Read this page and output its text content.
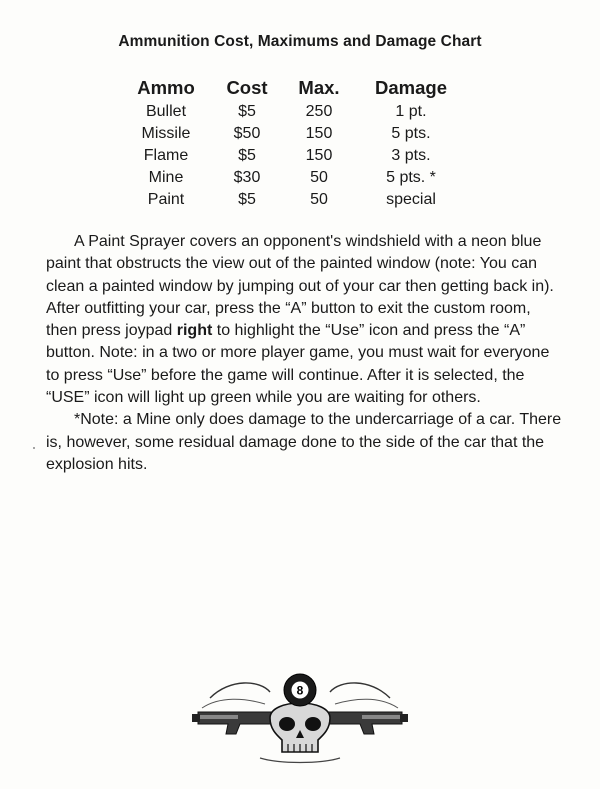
Ammunition Cost, Maximums and Damage Chart
Ammo	Cost	Max.	Damage
Bullet	$5	250	1 pt.
Missile	$50	150	5 pts.
Flame	$5	150	3 pts.
Mine	$30	50	5 pts. *
Paint	$5	50	special

A Paint Sprayer covers an opponent's windshield with a neon blue paint that obstructs the view out of the painted window (note: You can clean a painted window by jumping out of your car then getting back in). After outfitting your car, press the “A” button to exit the custom room, then press joypad right to highlight the “Use” icon and press the “A” button. Note: in a two or more player game, you must wait for everyone to press “Use” before the game will continue. After it is selected, the “USE” icon will light up green while you are waiting for others.

*Note: a Mine only does damage to the undercarriage of a car. There is, however, some residual damage done to the side of the car that the explosion hits.

8
